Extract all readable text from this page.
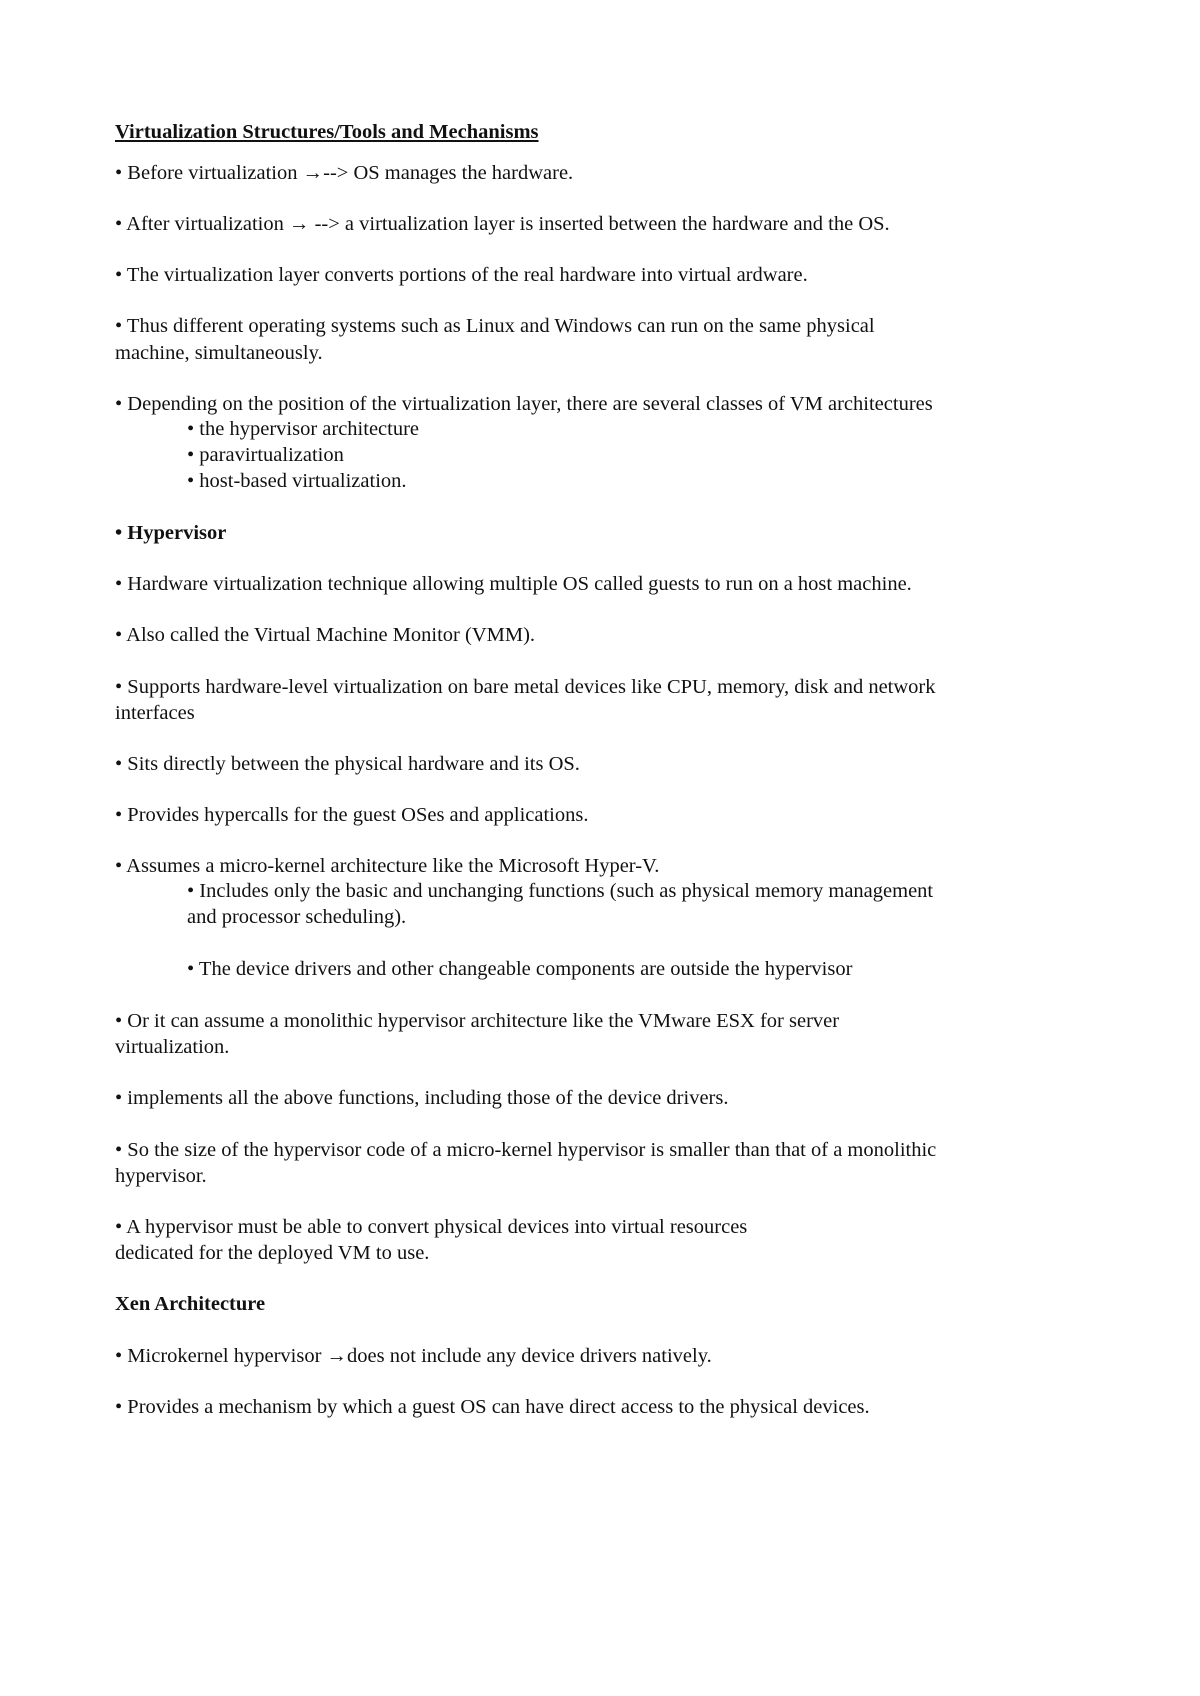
Virtualization Structures/Tools and Mechanisms
• Before virtualization →--> OS manages the hardware.
• After virtualization → --> a virtualization layer is inserted between the hardware and the OS.
• The virtualization layer converts portions of the real hardware into virtual ardware.
• Thus different operating systems such as Linux and Windows can run on the same physical
machine, simultaneously.
• Depending on the position of the virtualization layer, there are several classes of VM architectures
• the hypervisor architecture
• paravirtualization
• host-based virtualization.
• Hypervisor
• Hardware virtualization technique allowing multiple OS called guests to run on a host machine.
• Also called the Virtual Machine Monitor (VMM).
• Supports hardware-level virtualization on bare metal devices like CPU, memory, disk and network
interfaces
• Sits directly between the physical hardware and its OS.
• Provides hypercalls for the guest OSes and applications.
• Assumes a micro-kernel architecture like the Microsoft Hyper-V.
• Includes only the basic and unchanging functions (such as physical memory management
and processor scheduling).
• The device drivers and other changeable components are outside the hypervisor
• Or it can assume a monolithic hypervisor architecture like the VMware ESX for server
virtualization.
• implements all the above functions, including those of the device drivers.
• So the size of the hypervisor code of a micro-kernel hypervisor is smaller than that of a monolithic
hypervisor.
• A hypervisor must be able to convert physical devices into virtual resources
dedicated for the deployed VM to use.
Xen Architecture
• Microkernel hypervisor →does not include any device drivers natively.
• Provides a mechanism by which a guest OS can have direct access to the physical devices.
